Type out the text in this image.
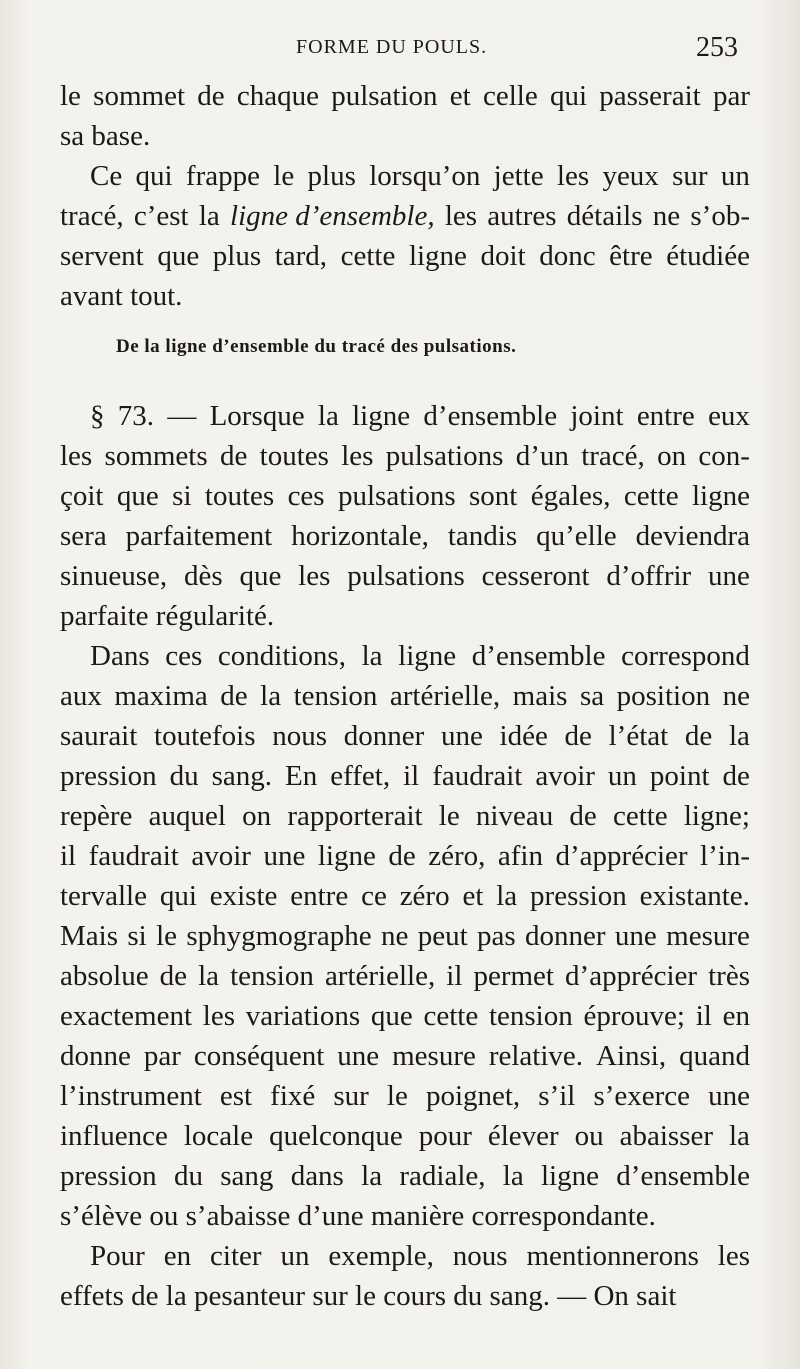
FORME DU POULS.	253
le sommet de chaque pulsation et celle qui passerait par
sa base.
Ce qui frappe le plus lorsqu’on jette les yeux sur un
tracé, c’est la ligne d’ensemble, les autres détails ne s’ob-
servent que plus tard, cette ligne doit donc être étudiée
avant tout.
De la ligne d’ensemble du tracé des pulsations.
§ 73. — Lorsque la ligne d’ensemble joint entre eux
les sommets de toutes les pulsations d’un tracé, on con-
çoit que si toutes ces pulsations sont égales, cette ligne
sera parfaitement horizontale, tandis qu’elle deviendra
sinueuse, dès que les pulsations cesseront d’offrir une
parfaite régularité.
Dans ces conditions, la ligne d’ensemble correspond
aux maxima de la tension artérielle, mais sa position ne
saurait toutefois nous donner une idée de l’état de la
pression du sang. En effet, il faudrait avoir un point de
repère auquel on rapporterait le niveau de cette ligne;
il faudrait avoir une ligne de zéro, afin d’apprécier l’in-
tervalle qui existe entre ce zéro et la pression existante.
Mais si le sphygmographe ne peut pas donner une mesure
absolue de la tension artérielle, il permet d’apprécier très
exactement les variations que cette tension éprouve; il en
donne par conséquent une mesure relative. Ainsi, quand
l’instrument est fixé sur le poignet, s’il s’exerce une
influence locale quelconque pour élever ou abaisser la
pression du sang dans la radiale, la ligne d’ensemble
s’élève ou s’abaisse d’une manière correspondante.
Pour en citer un exemple, nous mentionnerons les
effets de la pesanteur sur le cours du sang. — On sait
